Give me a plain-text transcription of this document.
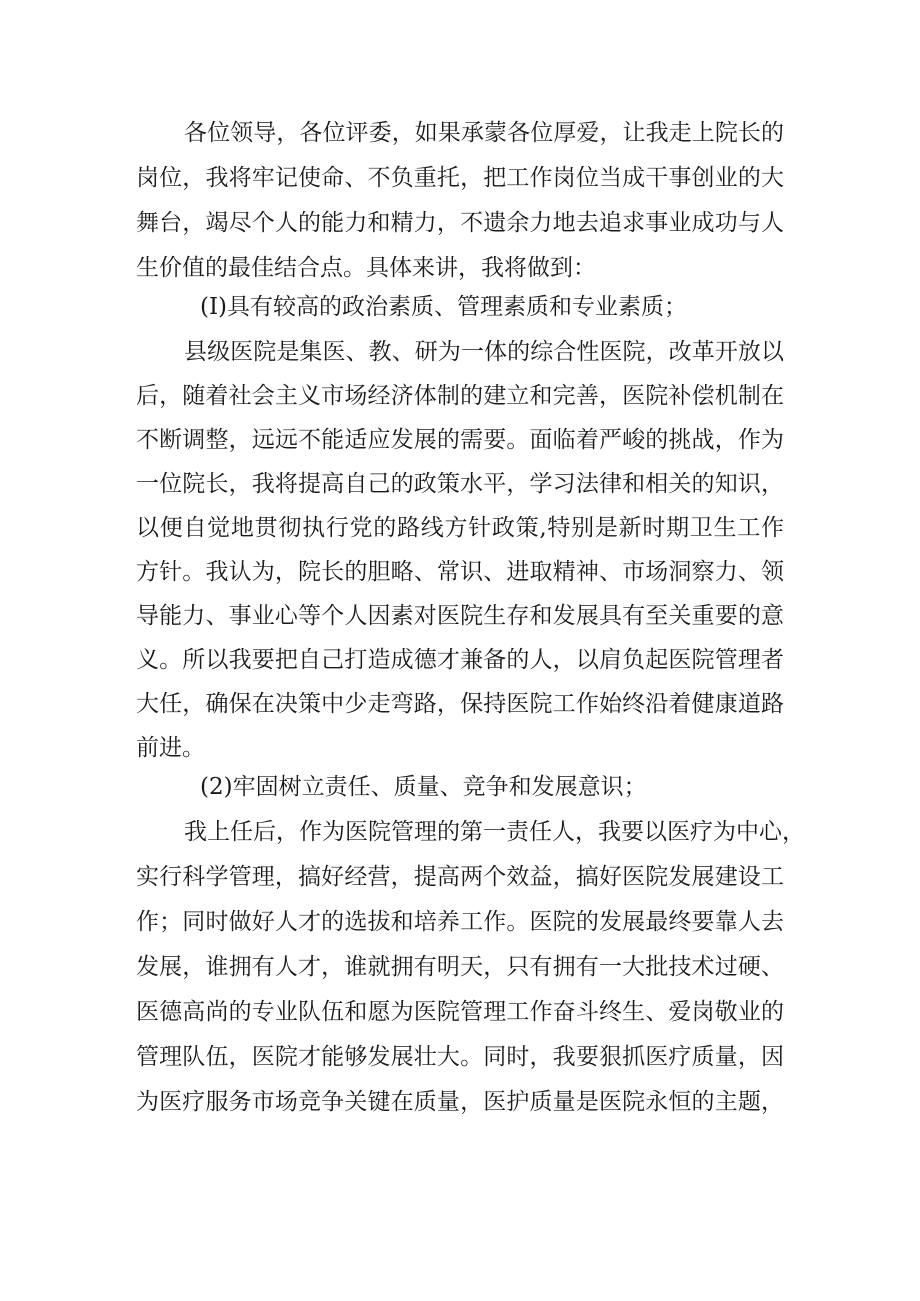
各位领导，各位评委，如果承蒙各位厚爱，让我走上院长的
岗位，我将牢记使命、不负重托，把工作岗位当成干事创业的大
舞台，竭尽个人的能力和精力，不遗余力地去追求事业成功与人
生价值的最佳结合点。具体来讲，我将做到：
(I)具有较高的政治素质、管理素质和专业素质；
县级医院是集医、教、研为一体的综合性医院，改革开放以
后，随着社会主义市场经济体制的建立和完善，医院补偿机制在
不断调整，远远不能适应发展的需要。面临着严峻的挑战，作为
一位院长，我将提高自己的政策水平，学习法律和相关的知识，
以便自觉地贯彻执行党的路线方针政策,特别是新时期卫生工作
方针。我认为，院长的胆略、常识、进取精神、市场洞察力、领
导能力、事业心等个人因素对医院生存和发展具有至关重要的意
义。所以我要把自己打造成德才兼备的人，以肩负起医院管理者
大任，确保在决策中少走弯路，保持医院工作始终沿着健康道路
前进。
(2)牢固树立责任、质量、竞争和发展意识；
我上任后，作为医院管理的第一责任人，我要以医疗为中心，
实行科学管理，搞好经营，提高两个效益，搞好医院发展建设工
作；同时做好人才的选拔和培养工作。医院的发展最终要靠人去
发展，谁拥有人才，谁就拥有明天，只有拥有一大批技术过硬、
医德高尚的专业队伍和愿为医院管理工作奋斗终生、爱岗敬业的
管理队伍，医院才能够发展壮大。同时，我要狠抓医疗质量，因
为医疗服务市场竞争关键在质量，医护质量是医院永恒的主题，
